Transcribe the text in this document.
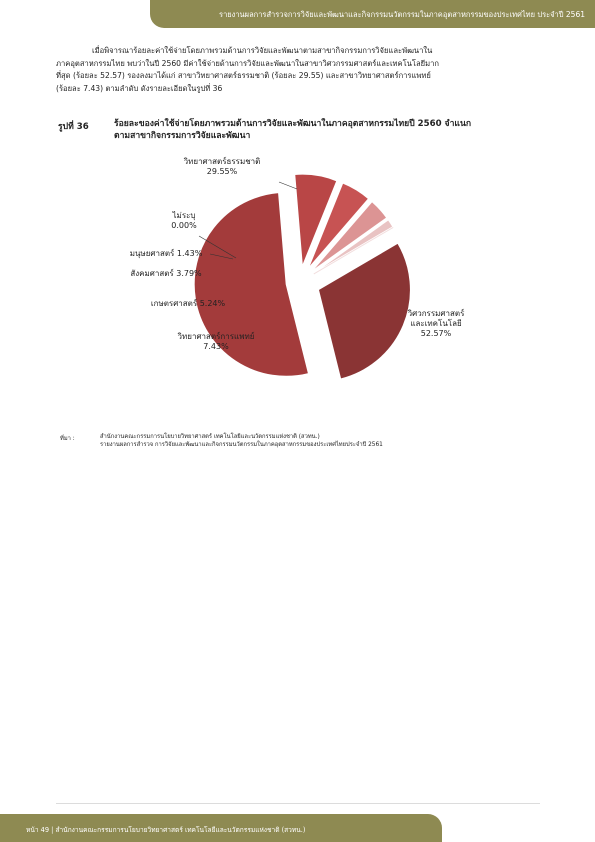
รายงานผลการสำรวจการวิจัยและพัฒนาและกิจกรรมนวัตกรรมในภาคอุตสาหกรรมของประเทศไทย ประจำปี 2561
เมื่อพิจารณาร้อยละค่าใช้จ่ายโดยภาพรวมด้านการวิจัยและพัฒนาตามสาขากิจกรรมการวิจัยและพัฒนาใน
ภาคอุตสาหกรรมไทย พบว่าในปี 2560 มีค่าใช้จ่ายด้านการวิจัยและพัฒนาในสาขาวิศวกรรมศาสตร์และเทคโนโลยีมาก
ที่สุด (ร้อยละ 52.57) รองลงมาได้แก่ สาขาวิทยาศาสตร์ธรรมชาติ (ร้อยละ 29.55) และสาขาวิทยาศาสตร์การแพทย์
(ร้อยละ 7.43) ตามลำดับ ดังรายละเอียดในรูปที่ 36
รูปที่ 36	ร้อยละของค่าใช้จ่ายโดยภาพรวมด้านการวิจัยและพัฒนาในภาคอุตสาหกรรมไทยปี 2560 จำแนก
ตามสาขากิจกรรมการวิจัยและพัฒนา
วิศวกรรมศาสตร์และเทคโนโลยี 52.57%
วิทยาศาสตร์การแพทย์ 7.43%
เกษตรศาสตร์ 5.24%
สังคมศาสตร์ 3.79%
มนุษยศาสตร์ 1.43%
ไม่ระบุ 0.00%
วิทยาศาสตร์ธรรมชาติ 29.55%
ที่มา :	สำนักงานคณะกรรมการนโยบายวิทยาศาสตร์ เทคโนโลยีและนวัตกรรมแห่งชาติ (สวทน.)
รายงานผลการสำรวจ การวิจัยและพัฒนาและกิจกรรมนวัตกรรมในภาคอุตสาหกรรมของประเทศไทยประจำปี 2561
หน้า 49 | สำนักงานคณะกรรมการนโยบายวิทยาศาสตร์ เทคโนโลยีและนวัตกรรมแห่งชาติ (สวทน.)
